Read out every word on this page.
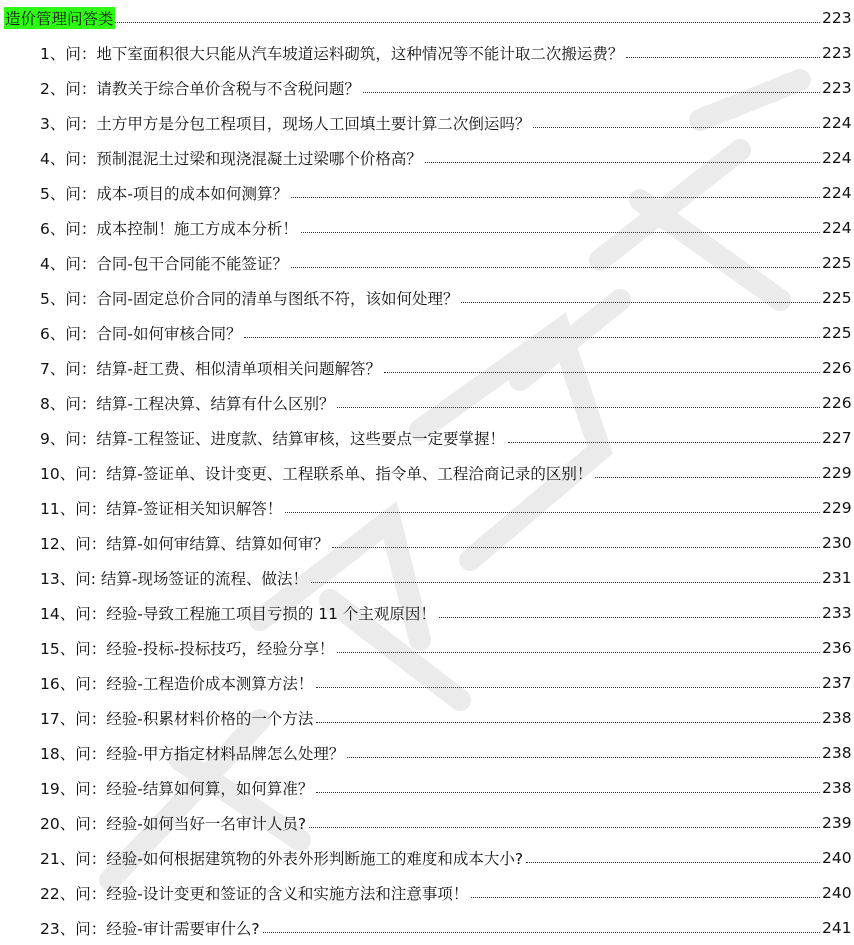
造价管理问答类	223
1、问：地下室面积很大只能从汽车坡道运料砌筑，这种情况等不能计取二次搬运费？	223
2、问：请教关于综合单价含税与不含税问题？	223
3、问：土方甲方是分包工程项目，现场人工回填土要计算二次倒运吗？	224
4、问：预制混泥土过梁和现浇混凝土过梁哪个价格高？	224
5、问：成本-项目的成本如何测算？	224
6、问：成本控制！施工方成本分析！	224
4、问：合同-包干合同能不能签证？	225
5、问：合同-固定总价合同的清单与图纸不符，该如何处理？	225
6、问：合同-如何审核合同？	225
7、问：结算-赶工费、相似清单项相关问题解答？	226
8、问：结算-工程决算、结算有什么区别？	226
9、问：结算-工程签证、进度款、结算审核，这些要点一定要掌握！	227
10、问：结算-签证单、设计变更、工程联系单、指令单、工程洽商记录的区别！	229
11、问：结算-签证相关知识解答！	229
12、问：结算-如何审结算、结算如何审？	230
13、问: 结算-现场签证的流程、做法！	231
14、问：经验-导致工程施工项目亏损的 11 个主观原因！	233
15、问：经验-投标-投标技巧，经验分享！	236
16、问：经验-工程造价成本测算方法！	237
17、问：经验-积累材料价格的一个方法	238
18、问：经验-甲方指定材料品牌怎么处理？	238
19、问：经验-结算如何算，如何算准？	238
20、问：经验-如何当好一名审计人员?	239
21、问：经验-如何根据建筑物的外表外形判断施工的难度和成本大小?	240
22、问：经验-设计变更和签证的含义和实施方法和注意事项！	240
23、问：经验-审计需要审什么?	241
